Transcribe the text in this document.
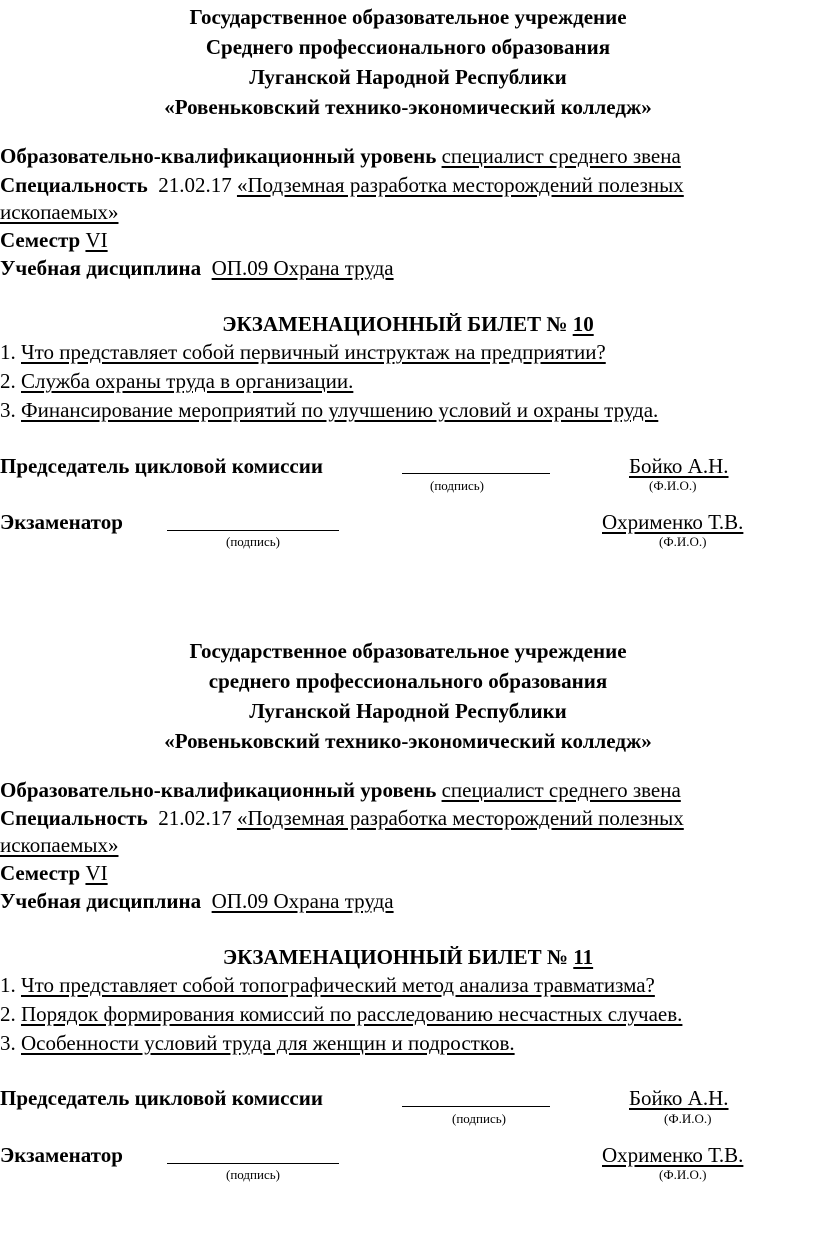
Государственное образовательное учреждение
Среднего профессионального образования
Луганской Народной Республики
«Ровеньковский технико-экономический колледж»
Образовательно-квалификационный уровень специалист среднего звена
Специальность 21.02.17 «Подземная разработка месторождений полезных
ископаемых»
Семестр VI
Учебная дисциплина ОП.09 Охрана труда
ЭКЗАМЕНАЦИОННЫЙ БИЛЕТ № 10
1. Что представляет собой первичный инструктаж на предприятии?
2. Служба охраны труда в организации.
3. Финансирование мероприятий по улучшению условий и охраны труда.
Председатель цикловой комиссии	Бойко А.Н.
(подпись)	(Ф.И.О.)
Экзаменатор	Охрименко Т.В.
(подпись)	(Ф.И.О.)
Государственное образовательное учреждение
среднего профессионального образования
Луганской Народной Республики
«Ровеньковский технико-экономический колледж»
Образовательно-квалификационный уровень специалист среднего звена
Специальность 21.02.17 «Подземная разработка месторождений полезных
ископаемых»
Семестр VI
Учебная дисциплина ОП.09 Охрана труда
ЭКЗАМЕНАЦИОННЫЙ БИЛЕТ № 11
1. Что представляет собой топографический метод анализа травматизма?
2. Порядок формирования комиссий по расследованию несчастных случаев.
3. Особенности условий труда для женщин и подростков.
Председатель цикловой комиссии	Бойко А.Н.
(подпись)	(Ф.И.О.)
Экзаменатор	Охрименко Т.В.
(подпись)	(Ф.И.О.)
